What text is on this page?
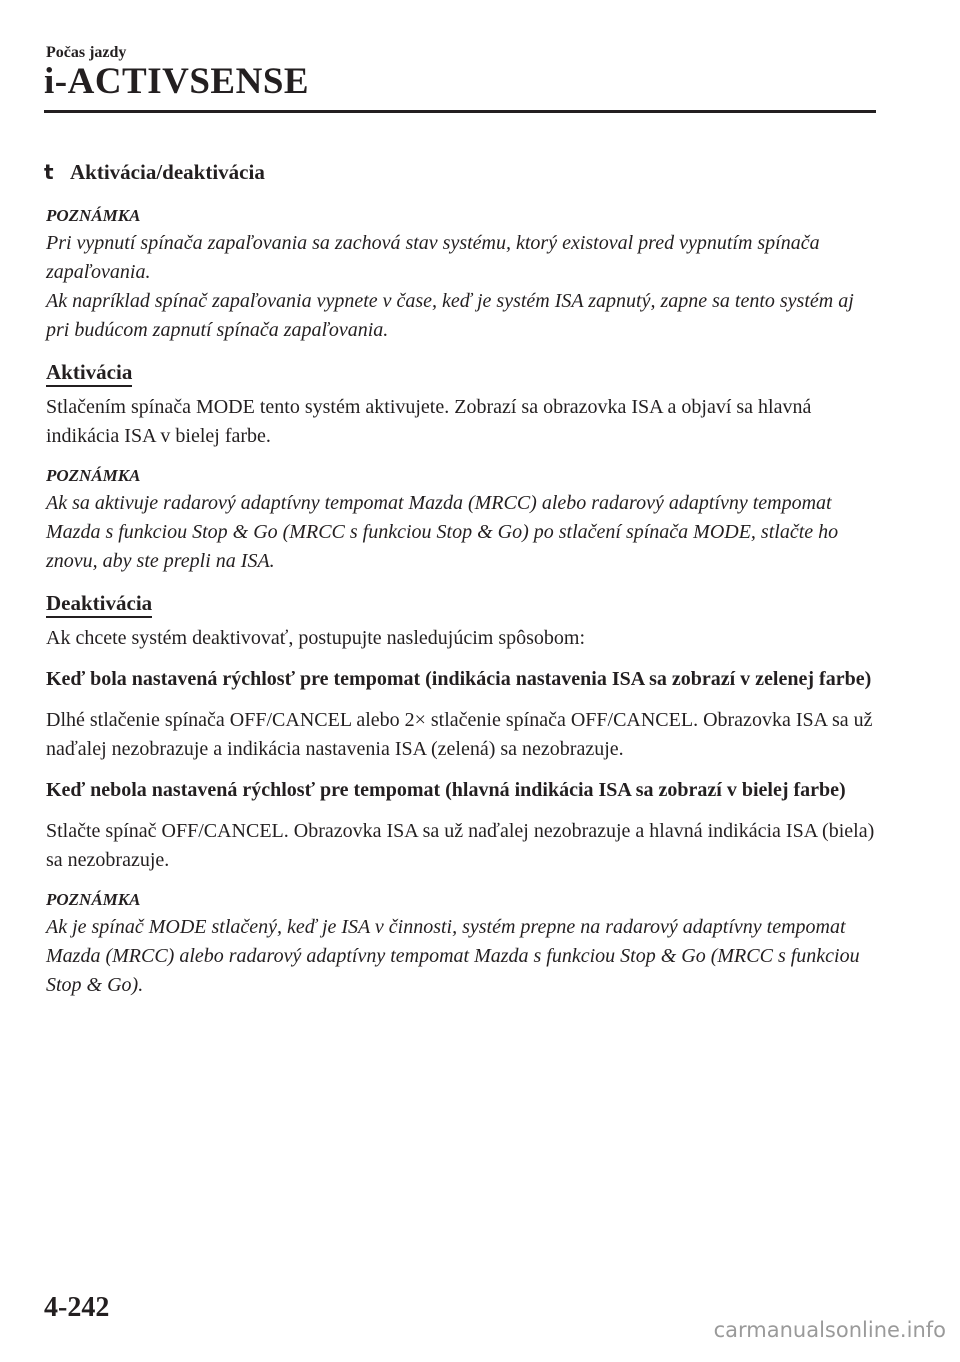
Počas jazdy
i-ACTIVSENSE
t Aktivácia/deaktivácia

POZNÁMKA

Pri vypnutí spínača zapaľovania sa zachová stav systému, ktorý existoval pred vypnutím spínača zapaľovania.
Ak napríklad spínač zapaľovania vypnete v čase, keď je systém ISA zapnutý, zapne sa tento systém aj pri budúcom zapnutí spínača zapaľovania.

Aktivácia

Stlačením spínača MODE tento systém aktivujete. Zobrazí sa obrazovka ISA a objaví sa hlavná indikácia ISA v bielej farbe.

POZNÁMKA

Ak sa aktivuje radarový adaptívny tempomat Mazda (MRCC) alebo radarový adaptívny tempomat Mazda s funkciou Stop & Go (MRCC s funkciou Stop & Go) po stlačení spínača MODE, stlačte ho znovu, aby ste prepli na ISA.

Deaktivácia

Ak chcete systém deaktivovať, postupujte nasledujúcim spôsobom:

Keď bola nastavená rýchlosť pre tempomat (indikácia nastavenia ISA sa zobrazí v zelenej farbe)

Dlhé stlačenie spínača OFF/CANCEL alebo 2× stlačenie spínača OFF/CANCEL. Obrazovka ISA sa už naďalej nezobrazuje a indikácia nastavenia ISA (zelená) sa nezobrazuje.

Keď nebola nastavená rýchlosť pre tempomat (hlavná indikácia ISA sa zobrazí v bielej farbe)

Stlačte spínač OFF/CANCEL. Obrazovka ISA sa už naďalej nezobrazuje a hlavná indikácia ISA (biela) sa nezobrazuje.

POZNÁMKA

Ak je spínač MODE stlačený, keď je ISA v činnosti, systém prepne na radarový adaptívny tempomat Mazda (MRCC) alebo radarový adaptívny tempomat Mazda s funkciou Stop & Go (MRCC s funkciou Stop & Go).

4-242
carmanualsonline.info
